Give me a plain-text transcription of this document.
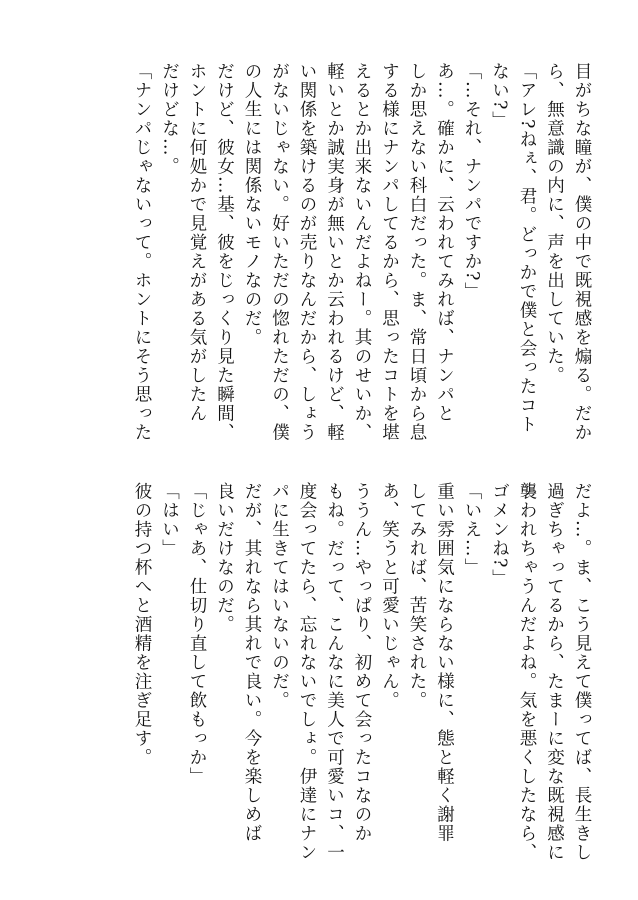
目がちな瞳が、僕の中で既視感を煽る。だか
ら、無意識の内に、声を出していた。
「アレ?ねぇ、君。どっかで僕と会ったコト
ない?」
「…それ、ナンパですか?」
あ…。確かに、云われてみれば、ナンパと
しか思えない科白だった。ま、常日頃から息
する様にナンパしてるから、思ったコトを堪
えるとか出来ないんだよねー。其のせいか、
軽いとか誠実身が無いとか云われるけど、軽
い関係を築けるのが売りなんだから、しょう
がないじゃない。好いただの惚れただの、僕
の人生には関係ないモノなのだ。
だけど、彼女…基、彼をじっくり見た瞬間、
ホントに何処かで見覚えがある気がしたん
だけどな…。
「ナンパじゃないって。ホントにそう思った
だよ…。ま、こう見えて僕ってば、長生きし
過ぎちゃってるから、たまーに変な既視感に
襲われちゃうんだよね。気を悪くしたなら、
ゴメンね?」
「いえ…」
重い雰囲気にならない様に、態と軽く謝罪
してみれば、苦笑された。
あ、笑うと可愛いじゃん。
ううん…やっぱり、初めて会ったコなのか
もね。だって、こんなに美人で可愛いコ、一
度会ってたら、忘れないでしょ。伊達にナン
パに生きてはいないのだ。
だが、其れなら其れで良い。今を楽しめば
良いだけなのだ。
「じゃあ、仕切り直して飲もっか」
「はい」
彼の持つ杯へと酒精を注ぎ足す。
